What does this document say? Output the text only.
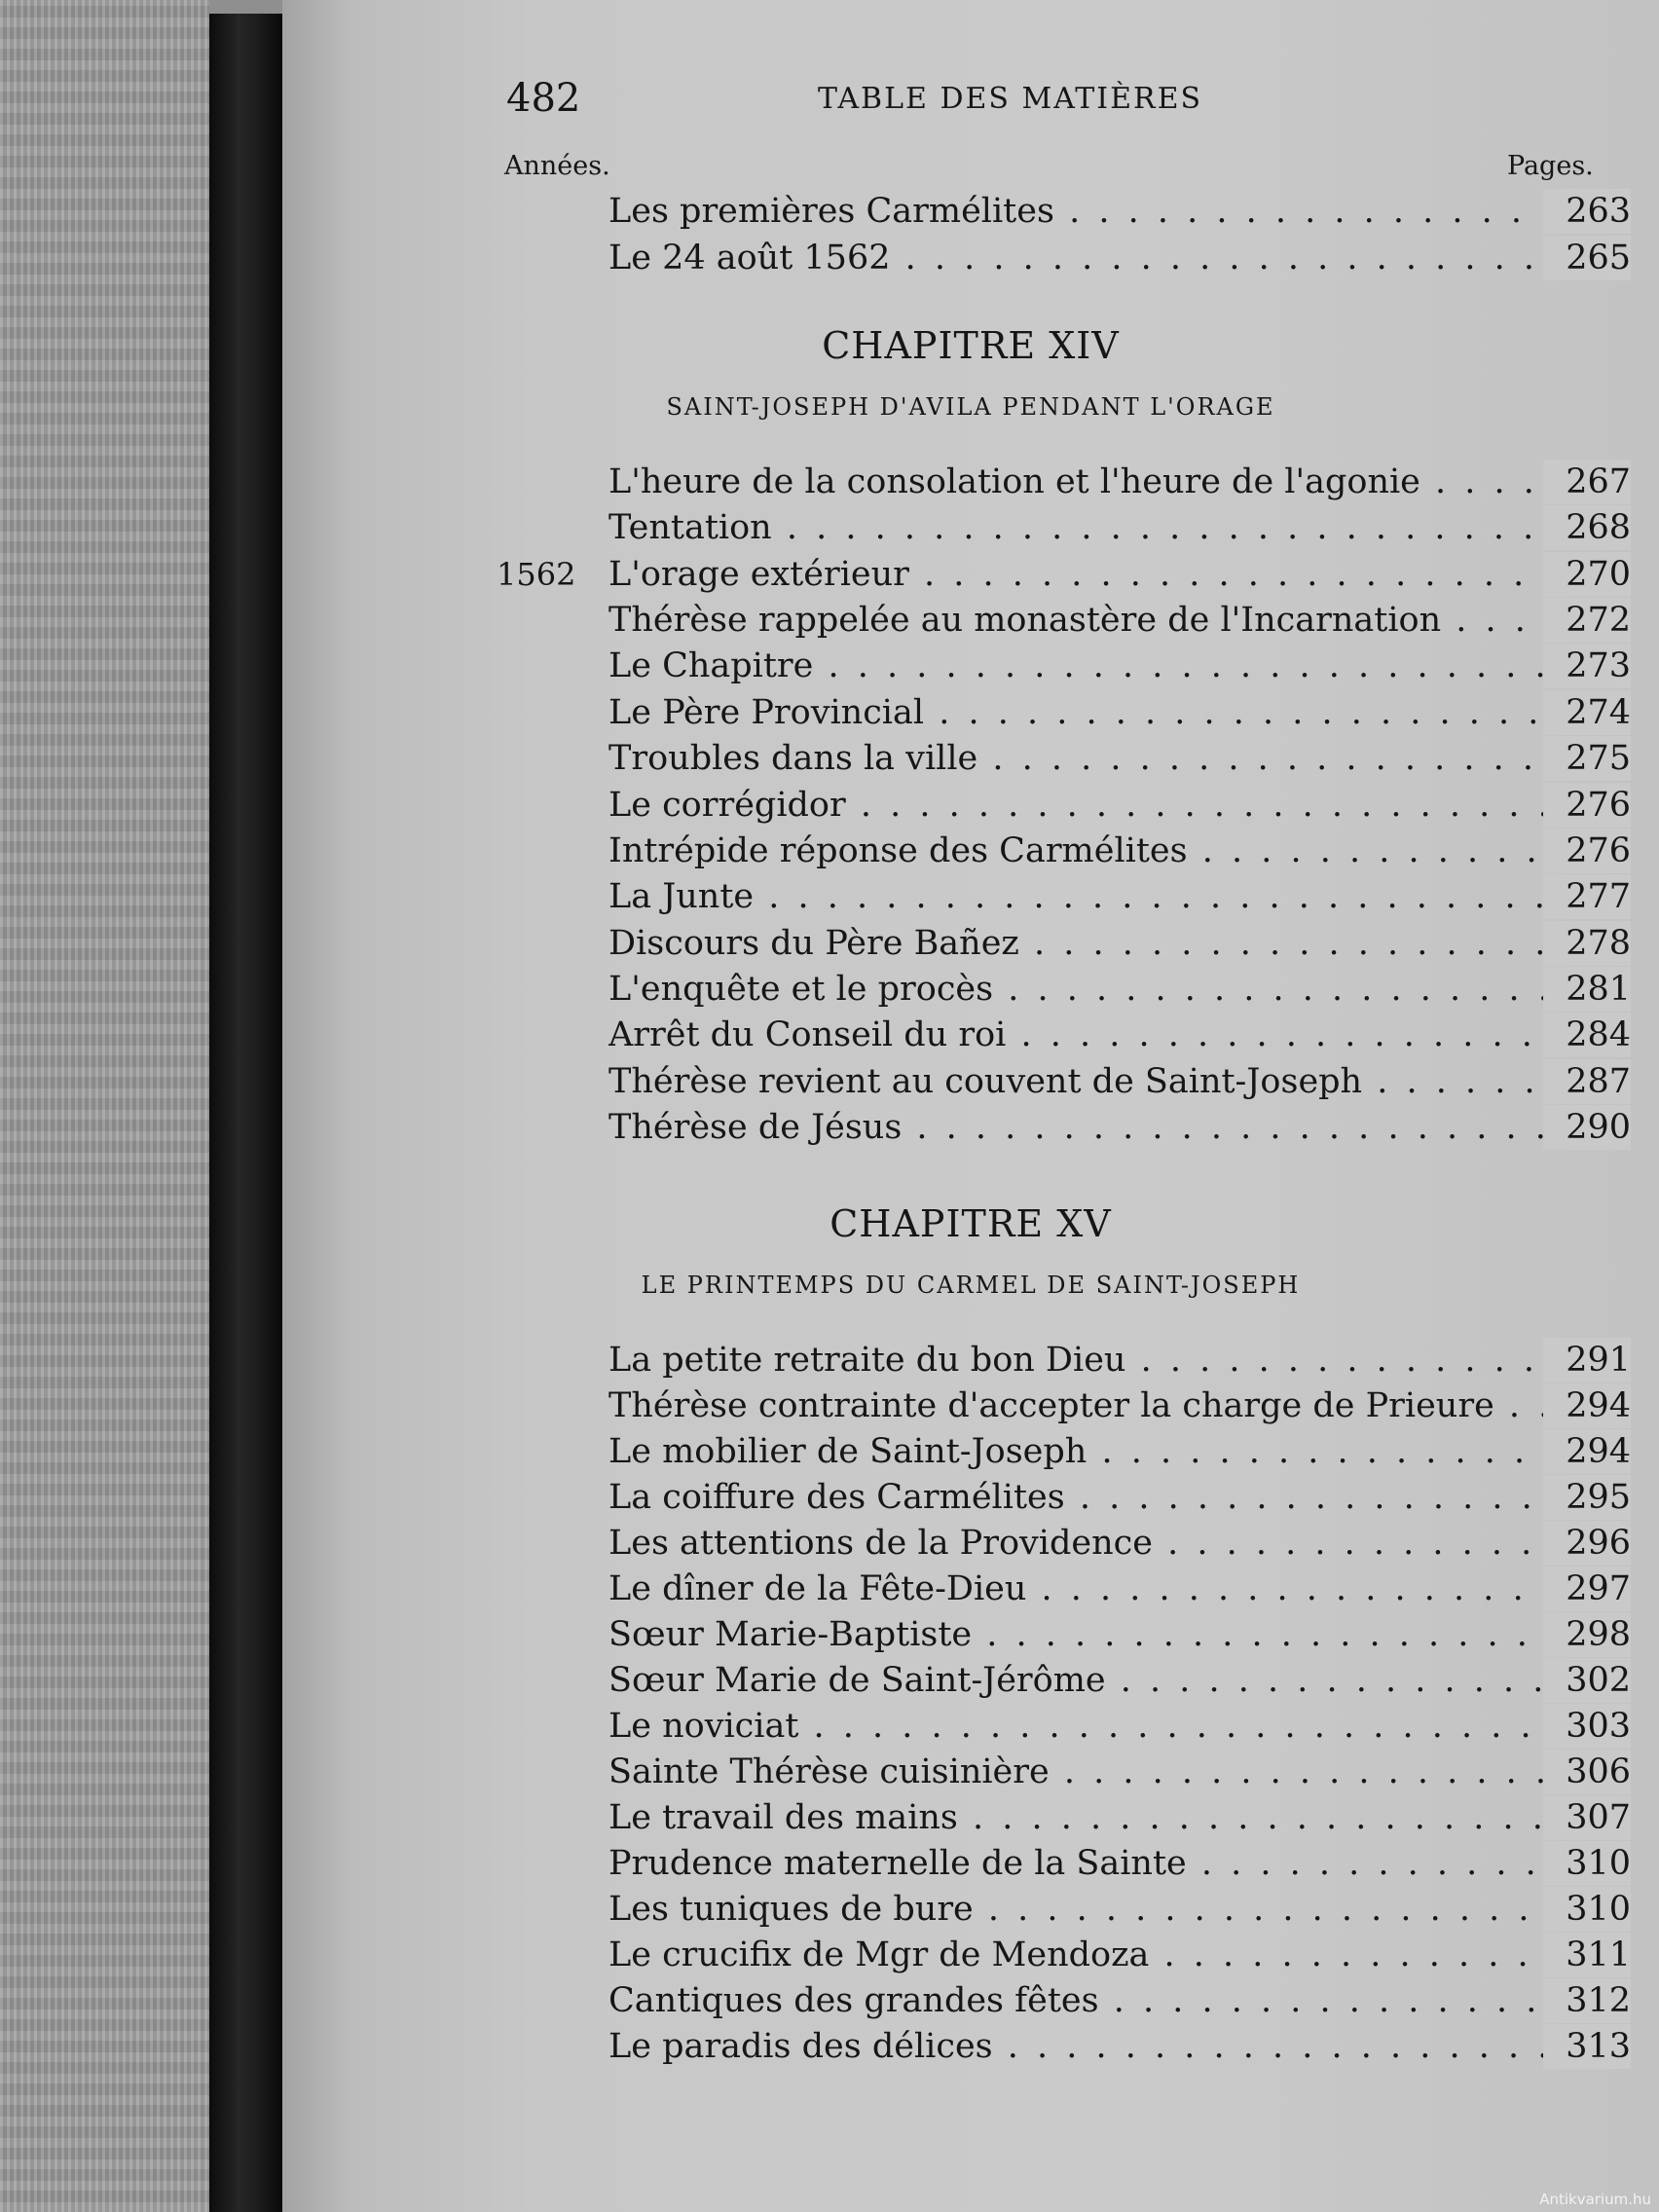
482	TABLE DES MATIÈRES
Années.	Pages.
Les premières Carmélites . . .	263
Le 24 août 1562 . . .	265
CHAPITRE XIV
SAINT-JOSEPH D'AVILA PENDANT L'ORAGE
L'heure de la consolation et l'heure de l'agonie . . .	267
Tentation . . .	268
1562 L'orage extérieur . . .	270
Thérèse rappelée au monastère de l'Incarnation . . .	272
Le Chapitre . . .	273
Le Père Provincial . . .	274
Troubles dans la ville . . .	275
Le corrégidor . . .	276
Intrépide réponse des Carmélites . . .	276
La Junte . . .	277
Discours du Père Bañez . . .	278
L'enquête et le procès . . .	281
Arrêt du Conseil du roi . . .	284
Thérèse revient au couvent de Saint-Joseph . . .	287
Thérèse de Jésus . . .	290
CHAPITRE XV
LE PRINTEMPS DU CARMEL DE SAINT-JOSEPH
La petite retraite du bon Dieu . . .	291
Thérèse contrainte d'accepter la charge de Prieure . . .	294
Le mobilier de Saint-Joseph . . .	294
La coiffure des Carmélites . . .	295
Les attentions de la Providence . . .	296
Le dîner de la Fête-Dieu . . .	297
Sœur Marie-Baptiste . . .	298
Sœur Marie de Saint-Jérôme . . .	302
Le noviciat . . .	303
Sainte Thérèse cuisinière . . .	306
Le travail des mains . . .	307
Prudence maternelle de la Sainte . . .	310
Les tuniques de bure . . .	310
Le crucifix de Mgr de Mendoza . . .	311
Cantiques des grandes fêtes . . .	312
Le paradis des délices . . .	313
Antikvarium.hu
